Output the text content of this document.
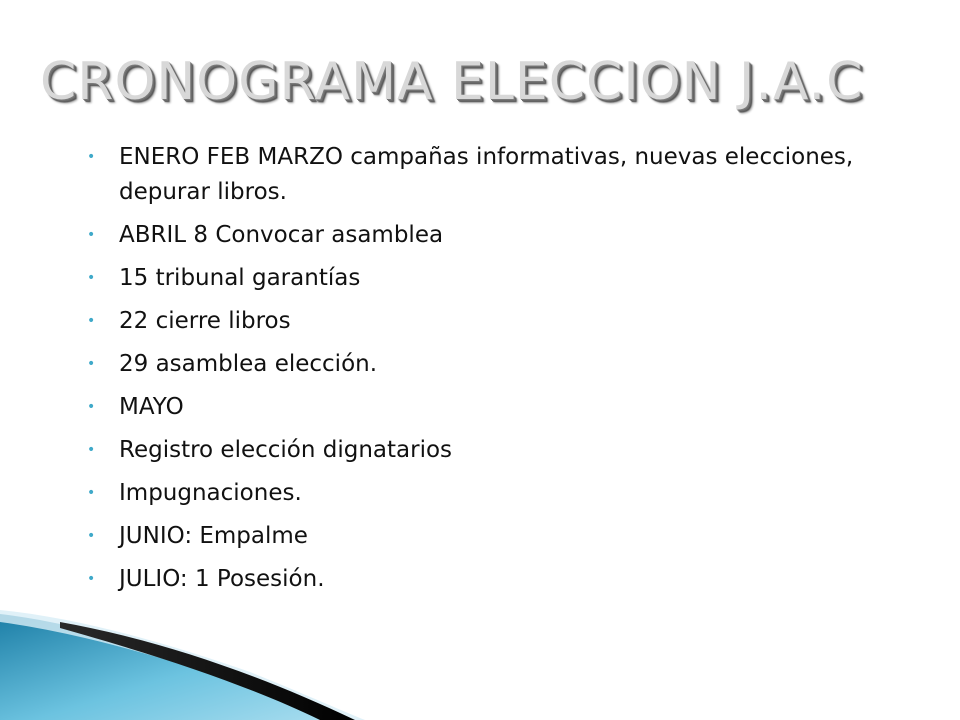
CRONOGRAMA ELECCION J.A.C
• ENERO FEB MARZO campañas informativas, nuevas elecciones, depurar libros.
• ABRIL 8 Convocar asamblea
• 15 tribunal garantías
• 22 cierre libros
• 29 asamblea elección.
• MAYO
• Registro elección dignatarios
• Impugnaciones.
• JUNIO: Empalme
• JULIO: 1 Posesión.
